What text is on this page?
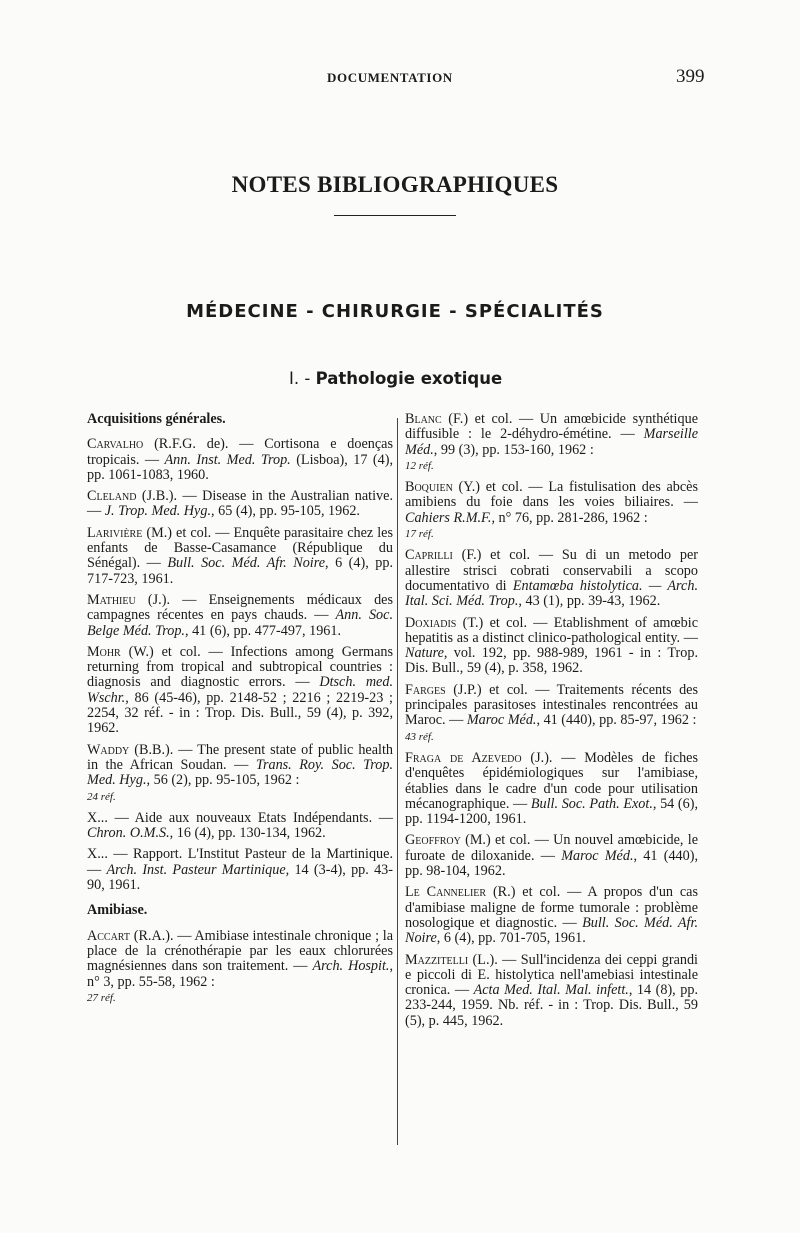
DOCUMENTATION	399
NOTES BIBLIOGRAPHIQUES
MÉDECINE - CHIRURGIE - SPÉCIALITÉS
I. - Pathologie exotique
Acquisitions générales.
Carvalho (R.F.G. de). — Cortisona e doenças tropicais. — Ann. Inst. Med. Trop. (Lisboa), 17 (4), pp. 1061-1083, 1960.
Cleland (J.B.). — Disease in the Australian native. — J. Trop. Med. Hyg., 65 (4), pp. 95-105, 1962.
Larivière (M.) et col. — Enquête parasitaire chez les enfants de Basse-Casamance (République du Sénégal). — Bull. Soc. Méd. Afr. Noire, 6 (4), pp. 717-723, 1961.
Mathieu (J.). — Enseignements médicaux des campagnes récentes en pays chauds. — Ann. Soc. Belge Méd. Trop., 41 (6), pp. 477-497, 1961.
Mohr (W.) et col. — Infections among Germans returning from tropical and subtropical countries : diagnosis and diagnostic errors. — Dtsch. med. Wschr., 86 (45-46), pp. 2148-52 ; 2216 ; 2219-23 ; 2254, 32 réf. - in : Trop. Dis. Bull., 59 (4), p. 392, 1962.
Waddy (B.B.). — The present state of public health in the African Soudan. — Trans. Roy. Soc. Trop. Med. Hyg., 56 (2), pp. 95-105, 1962 :
24 réf.
X... — Aide aux nouveaux Etats Indépendants. — Chron. O.M.S., 16 (4), pp. 130-134, 1962.
X... — Rapport. L'Institut Pasteur de la Martinique. — Arch. Inst. Pasteur Martinique, 14 (3-4), pp. 43-90, 1961.
Amibiase.
Accart (R.A.). — Amibiase intestinale chronique ; la place de la crénothérapie par les eaux chlorurées magnésiennes dans son traitement. — Arch. Hospit., n° 3, pp. 55-58, 1962 :
27 réf.
Blanc (F.) et col. — Un amœbicide synthétique diffusible : le 2-déhydro-émétine. — Marseille Méd., 99 (3), pp. 153-160, 1962 :
12 réf.
Boquien (Y.) et col. — La fistulisation des abcès amibiens du foie dans les voies biliaires. — Cahiers R.M.F., n° 76, pp. 281-286, 1962 :
17 réf.
Caprilli (F.) et col. — Su di un metodo per allestire strisci cobrati conservabili a scopo documentativo di Entamœba histolytica. — Arch. Ital. Sci. Méd. Trop., 43 (1), pp. 39-43, 1962.
Doxiadis (T.) et col. — Etablishment of amœbic hepatitis as a distinct clinico-pathological entity. — Nature, vol. 192, pp. 988-989, 1961 - in : Trop. Dis. Bull., 59 (4), p. 358, 1962.
Farges (J.P.) et col. — Traitements récents des principales parasitoses intestinales rencontrées au Maroc. — Maroc Méd., 41 (440), pp. 85-97, 1962 :
43 réf.
Fraga de Azevedo (J.). — Modèles de fiches d'enquêtes épidémiologiques sur l'amibiase, établies dans le cadre d'un code pour utilisation mécanographique. — Bull. Soc. Path. Exot., 54 (6), pp. 1194-1200, 1961.
Geoffroy (M.) et col. — Un nouvel amœbicide, le furoate de diloxanide. — Maroc Méd., 41 (440), pp. 98-104, 1962.
Le Cannelier (R.) et col. — A propos d'un cas d'amibiase maligne de forme tumorale : problème nosologique et diagnostic. — Bull. Soc. Méd. Afr. Noire, 6 (4), pp. 701-705, 1961.
Mazzitelli (L.). — Sull'incidenza dei ceppi grandi e piccoli di E. histolytica nell'amebiasi intestinale cronica. — Acta Med. Ital. Mal. infett., 14 (8), pp. 233-244, 1959. Nb. réf. - in : Trop. Dis. Bull., 59 (5), p. 445, 1962.
